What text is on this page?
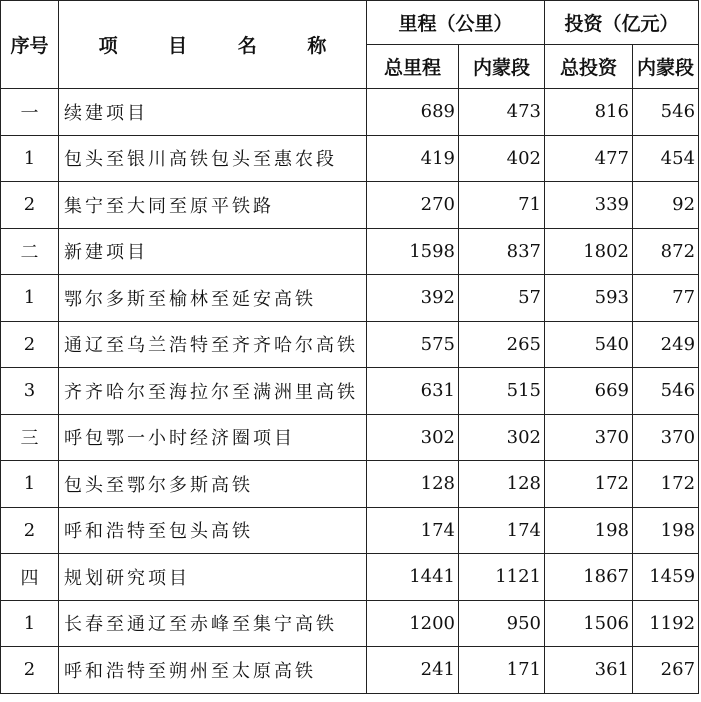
序号	项 目 名 称	里程（公里）		投资（亿元）	
		总里程	内蒙段	总投资	内蒙段
一	续建项目	689	473	816	546
1	包头至银川高铁包头至惠农段	419	402	477	454
2	集宁至大同至原平铁路	270	71	339	92
二	新建项目	1598	837	1802	872
1	鄂尔多斯至榆林至延安高铁	392	57	593	77
2	通辽至乌兰浩特至齐齐哈尔高铁	575	265	540	249
3	齐齐哈尔至海拉尔至满洲里高铁	631	515	669	546
三	呼包鄂一小时经济圈项目	302	302	370	370
1	包头至鄂尔多斯高铁	128	128	172	172
2	呼和浩特至包头高铁	174	174	198	198
四	规划研究项目	1441	1121	1867	1459
1	长春至通辽至赤峰至集宁高铁	1200	950	1506	1192
2	呼和浩特至朔州至太原高铁	241	171	361	267
